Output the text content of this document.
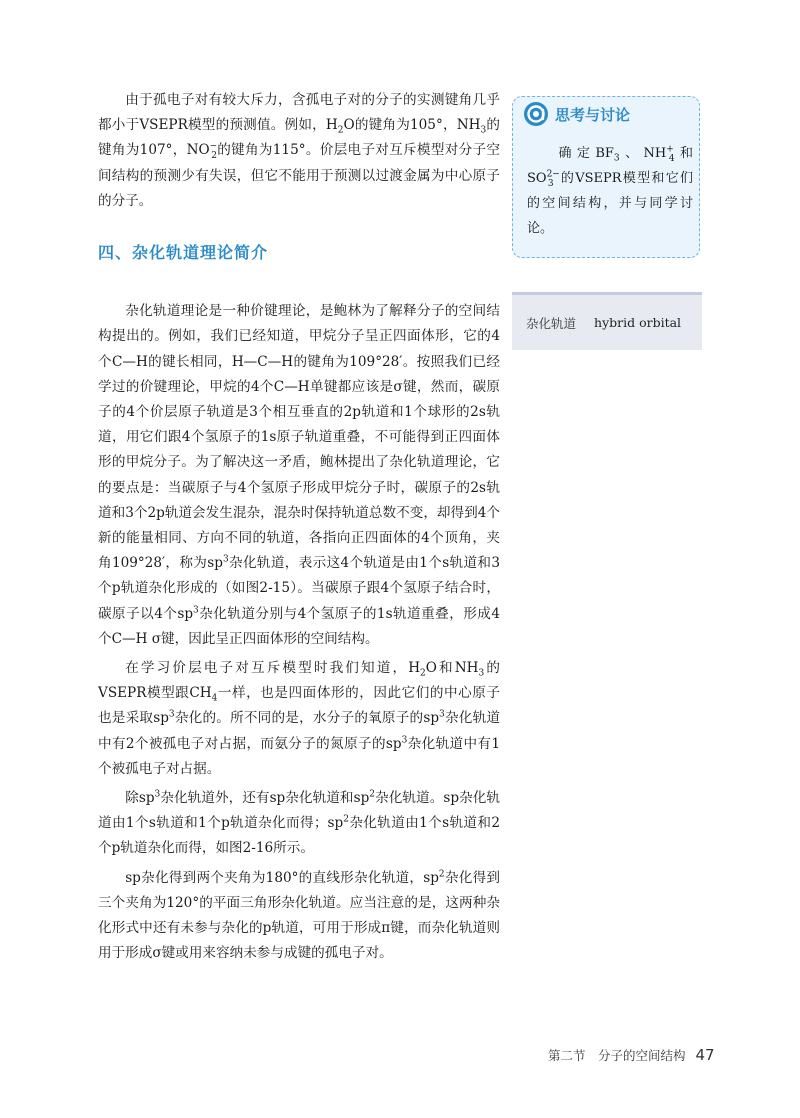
由于孤电子对有较大斥力，含孤电子对的分子的实测键角几乎都小于VSEPR模型的预测值。例如，$H_2O$的键角为105°，$NH_3$的键角为107°，$NO^-_2$的键角为115°。价层电子对互斥模型对分子空间结构的预测少有失误，但它不能用于预测以过渡金属为中心原子的分子。

四、杂化轨道理论简介

杂化轨道理论是一种价键理论，是鲍林为了解释分子的空间结构提出的。例如，我们已经知道，甲烷分子呈正四面体形，它的4个C—H的键长相同，H—C—H的键角为109°28′。按照我们已经学过的价键理论，甲烷的4个C—H单键都应该是σ键，然而，碳原子的4个价层原子轨道是3个相互垂直的2p轨道和1个球形的2s轨道，用它们跟4个氢原子的1s原子轨道重叠，不可能得到正四面体形的甲烷分子。为了解决这一矛盾，鲍林提出了杂化轨道理论，它的要点是：当碳原子与4个氢原子形成甲烷分子时，碳原子的2s轨道和3个2p轨道会发生混杂，混杂时保持轨道总数不变，却得到4个新的能量相同、方向不同的轨道，各指向正四面体的4个顶角，夹角109°28′，称为$sp^3$杂化轨道，表示这4个轨道是由1个s轨道和3个p轨道杂化形成的（如图2-15）。当碳原子跟4个氢原子结合时，碳原子以4个$sp^3$杂化轨道分别与4个氢原子的1s轨道重叠，形成4个C—H σ键，因此呈正四面体形的空间结构。

在学习价层电子对互斥模型时我们知道，$H_2O$和$NH_3$的VSEPR模型跟$CH_4$一样，也是四面体形的，因此它们的中心原子也是采取$sp^3$杂化的。所不同的是，水分子的氧原子的$sp^3$杂化轨道中有2个被孤电子对占据，而氨分子的氮原子的$sp^3$杂化轨道中有1个被孤电子对占据。

除$sp^3$杂化轨道外，还有sp杂化轨道和$sp^2$杂化轨道。sp杂化轨道由1个s轨道和1个p轨道杂化而得；$sp^2$杂化轨道由1个s轨道和2个p轨道杂化而得，如图2-16所示。

sp杂化得到两个夹角为180°的直线形杂化轨道，$sp^2$杂化得到三个夹角为120°的平面三角形杂化轨道。应当注意的是，这两种杂化形式中还有未参与杂化的p轨道，可用于形成π键，而杂化轨道则用于形成σ键或用来容纳未参与成键的孤电子对。

思考与讨论
确定$BF_3$、$NH^+_4$和$SO^{2-}_3$ 的VSEPR模型和它们的空间结构，并与同学讨论。
杂化轨道 hybrid orbital
第二节　分子的空间结构 47
